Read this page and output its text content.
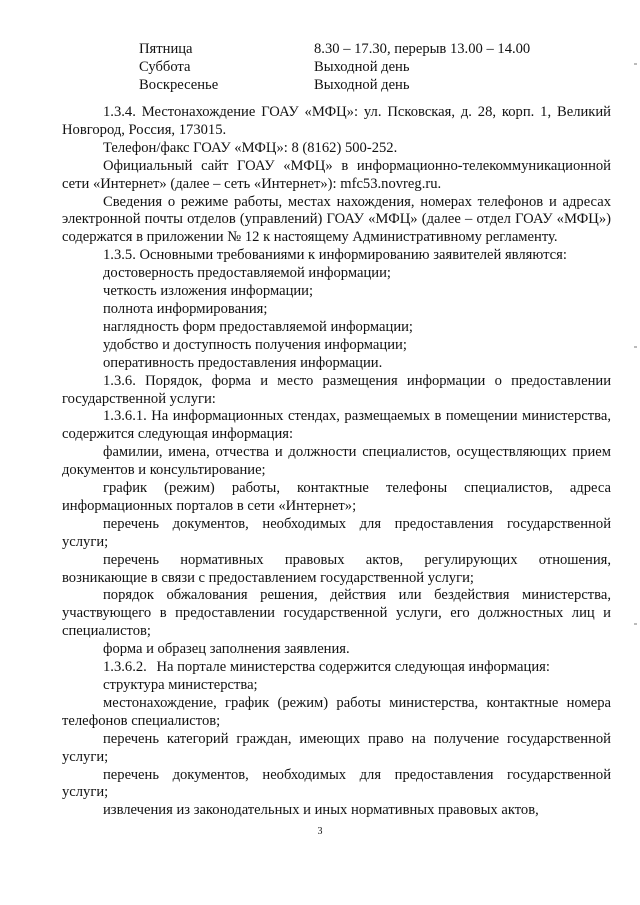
Пятница	8.30 – 17.30, перерыв 13.00 – 14.00
Суббота	Выходной день
Воскресенье	Выходной день

1.3.4. Местонахождение ГОАУ «МФЦ»: ул. Псковская, д. 28, корп. 1, Великий Новгород, Россия, 173015.

Телефон/факс ГОАУ «МФЦ»: 8 (8162) 500-252.

Официальный сайт ГОАУ «МФЦ» в информационно-телекоммуникационной сети «Интернет» (далее – сеть «Интернет»): mfc53.novreg.ru.

Сведения о режиме работы, местах нахождения, номерах телефонов и адресах электронной почты отделов (управлений) ГОАУ «МФЦ» (далее – отдел ГОАУ «МФЦ») содержатся в приложении № 12 к настоящему Административному регламенту.

1.3.5. Основными требованиями к информированию заявителей являются:

достоверность предоставляемой информации;

четкость изложения информации;

полнота информирования;

наглядность форм предоставляемой информации;

удобство и доступность получения информации;

оперативность предоставления информации.

1.3.6. Порядок, форма и место размещения информации о предоставлении государственной услуги:

1.3.6.1. На информационных стендах, размещаемых в помещении министерства, содержится следующая информация:

фамилии, имена, отчества и должности специалистов, осуществляющих прием документов и консультирование;

график (режим) работы, контактные телефоны специалистов, адреса информационных порталов в сети «Интернет»;

перечень документов, необходимых для предоставления государственной услуги;

перечень нормативных правовых актов, регулирующих отношения, возникающие в связи с предоставлением государственной услуги;

порядок обжалования решения, действия или бездействия министерства, участвующего в предоставлении государственной услуги, его должностных лиц и специалистов;

форма и образец заполнения заявления.

1.3.6.2. На портале министерства содержится следующая информация:

структура министерства;

местонахождение, график (режим) работы министерства, контактные номера телефонов специалистов;

перечень категорий граждан, имеющих право на получение государственной услуги;

перечень документов, необходимых для предоставления государственной услуги;

извлечения из законодательных и иных нормативных правовых актов,

3
